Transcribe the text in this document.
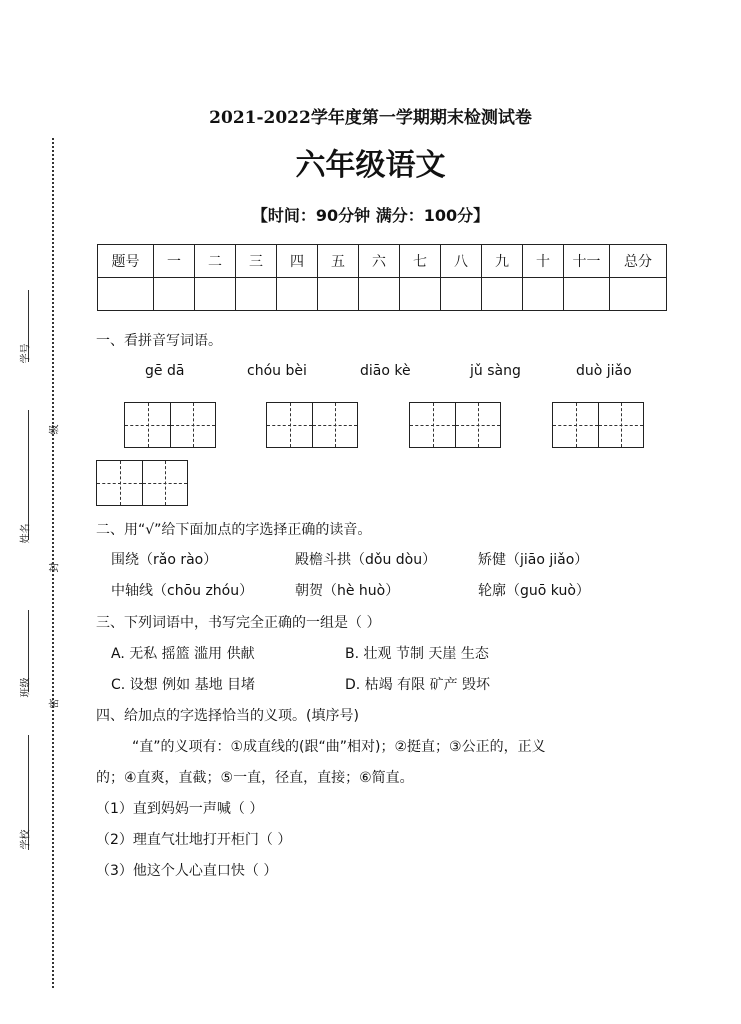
学号
级
姓名
封
班级
密
学校
2021-2022学年度第一学期期末检测试卷
六年级语文
【时间：90分钟 满分：100分】
题号	一	二	三	四	五	六	七	八	九	十	十一	总分

一、看拼音写词语。
gē dā	chóu bèi	diāo kè	jǔ sàng	duò jiǎo
二、用“√”给下面加点的字选择正确的读音。
围绕（rǎo rào）	殿檐斗拱（dǒu dòu）	矫健（jiāo jiǎo）
中轴线（chōu zhóu）	朝贺（hè huò）	轮廓（guō kuò）
三、下列词语中，书写完全正确的一组是（ ）
A. 无私 摇篮 滥用 供献	B. 壮观 节制 天崖 生态
C. 设想 例如 基地 目堵	D. 枯竭 有限 矿产 毁坏
四、给加点的字选择恰当的义项。(填序号)
“直”的义项有：①成直线的(跟“曲”相对)；②挺直；③公正的，正义
的；④直爽，直截；⑤一直，径直，直接；⑥简直。
（1）直到妈妈一声喊（ ）
（2）理直气壮地打开柜门（ ）
（3）他这个人心直口快（ ）
